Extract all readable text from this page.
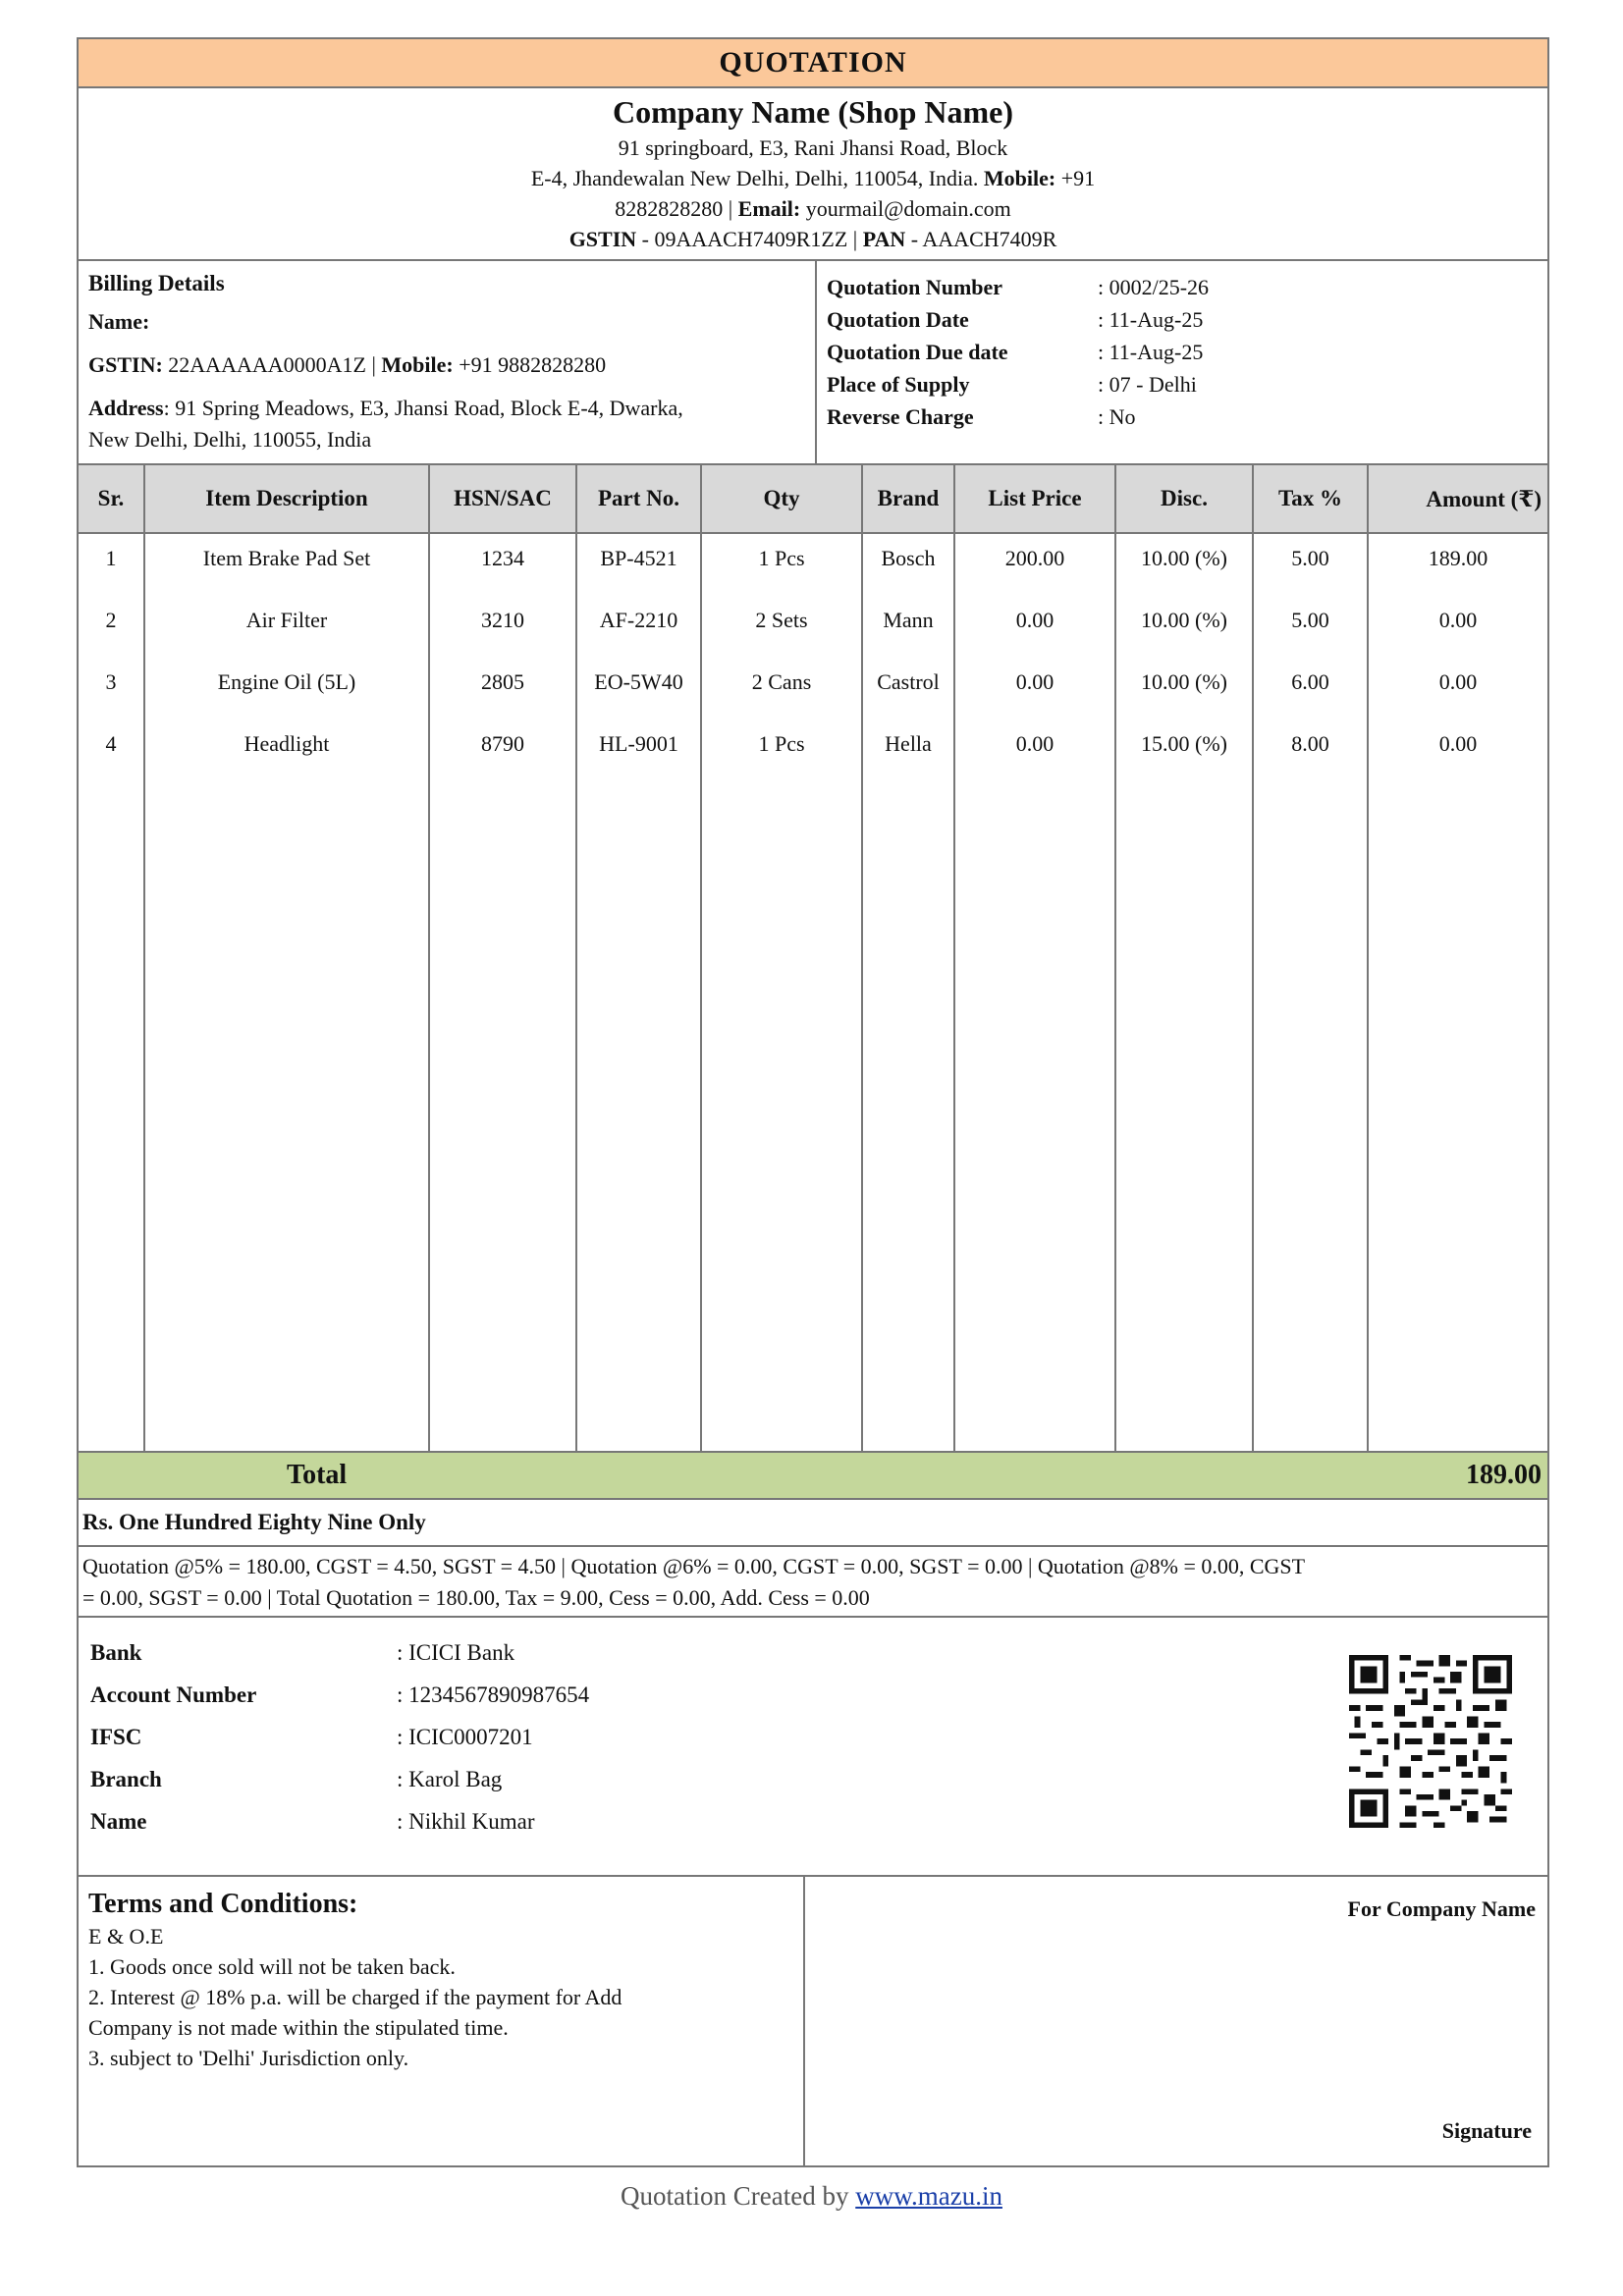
QUOTATION
Company Name (Shop Name)
91 springboard, E3, Rani Jhansi Road, Block
E-4, Jhandewalan New Delhi, Delhi, 110054, India. Mobile: +91
8282828280 | Email: yourmail@domain.com
GSTIN - 09AAACH7409R1ZZ | PAN - AAACH7409R
Billing Details
Name:
GSTIN: 22AAAAAA0000A1Z | Mobile: +91 9882828280
Address: 91 Spring Meadows, E3, Jhansi Road, Block E-4, Dwarka,
New Delhi, Delhi, 110055, India
Quotation Number	: 0002/25-26
Quotation Date	: 11-Aug-25
Quotation Due date	: 11-Aug-25
Place of Supply	: 07 - Delhi
Reverse Charge	: No
Sr.	Item Description	HSN/SAC	Part No.	Qty	Brand	List Price	Disc.	Tax %	Amount (₹)
1	Item Brake Pad Set	1234	BP-4521	1 Pcs	Bosch	200.00	10.00 (%)	5.00	189.00
2	Air Filter	3210	AF-2210	2 Sets	Mann	0.00	10.00 (%)	5.00	0.00
3	Engine Oil (5L)	2805	EO-5W40	2 Cans	Castrol	0.00	10.00 (%)	6.00	0.00
4	Headlight	8790	HL-9001	1 Pcs	Hella	0.00	15.00 (%)	8.00	0.00

Total	189.00
Rs. One Hundred Eighty Nine Only
Quotation @5% = 180.00, CGST = 4.50, SGST = 4.50 | Quotation @6% = 0.00, CGST = 0.00, SGST = 0.00 | Quotation @8% = 0.00, CGST
= 0.00, SGST = 0.00 | Total Quotation = 180.00, Tax = 9.00, Cess = 0.00, Add. Cess = 0.00
Bank	: ICICI Bank
Account Number	: 1234567890987654
IFSC	: ICIC0007201
Branch	: Karol Bag
Name	: Nikhil Kumar
Terms and Conditions:
E & O.E
1. Goods once sold will not be taken back.
2. Interest @ 18% p.a. will be charged if the payment for Add
Company is not made within the stipulated time.
3. subject to 'Delhi' Jurisdiction only.
For Company Name
Signature
Quotation Created by www.mazu.in
